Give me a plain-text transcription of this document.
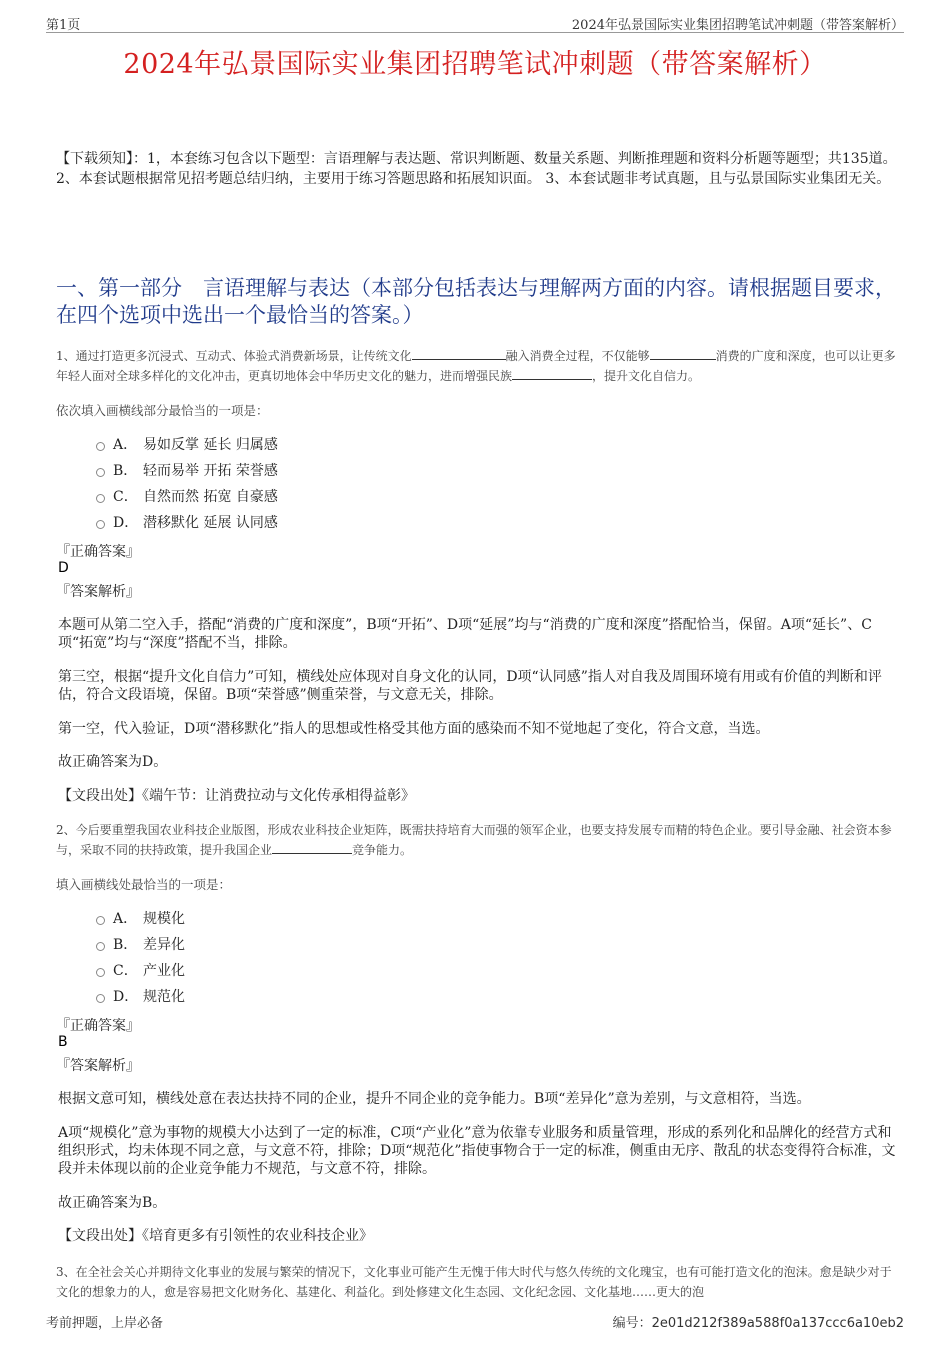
第1页	2024年弘景国际实业集团招聘笔试冲刺题（带答案解析）
2024年弘景国际实业集团招聘笔试冲刺题（带答案解析）
【下载须知】：1，本套练习包含以下题型：言语理解与表达题、常识判断题、数量关系题、判断推理题和资料分析题等题型；共135道。 2、本套试题根据常见招考题总结归纳，主要用于练习答题思路和拓展知识面。 3、本套试题非考试真题，且与弘景国际实业集团无关。
一、第一部分　言语理解与表达（本部分包括表达与理解两方面的内容。请根据题目要求，在四个选项中选出一个最恰当的答案。）
1、通过打造更多沉浸式、互动式、体验式消费新场景，让传统文化	融入消费全过程，不仅能够	消费的广度和深度，也可以让更多年轻人面对全球多样化的文化冲击，更真切地体会中华历史文化的魅力，进而增强民族	，提升文化自信力。
依次填入画横线部分最恰当的一项是：
A． 易如反掌 延长 归属感
B． 轻而易举 开拓 荣誉感
C． 自然而然 拓宽 自豪感
D． 潜移默化 延展 认同感
『正确答案』
D
『答案解析』
本题可从第二空入手，搭配“消费的广度和深度”，B项“开拓”、D项“延展”均与“消费的广度和深度”搭配恰当，保留。A项“延长”、C项“拓宽”均与“深度”搭配不当，排除。
第三空，根据“提升文化自信力”可知，横线处应体现对自身文化的认同，D项“认同感”指人对自我及周围环境有用或有价值的判断和评估，符合文段语境，保留。B项“荣誉感”侧重荣誉，与文意无关，排除。
第一空，代入验证，D项“潜移默化”指人的思想或性格受其他方面的感染而不知不觉地起了变化，符合文意，当选。
故正确答案为D。
【文段出处】《端午节：让消费拉动与文化传承相得益彰》
2、今后要重塑我国农业科技企业版图，形成农业科技企业矩阵，既需扶持培育大而强的领军企业，也要支持发展专而精的特色企业。要引导金融、社会资本参与，采取不同的扶持政策，提升我国企业	竞争能力。
填入画横线处最恰当的一项是：
A． 规模化
B． 差异化
C． 产业化
D． 规范化
『正确答案』
B
『答案解析』
根据文意可知，横线处意在表达扶持不同的企业，提升不同企业的竞争能力。B项“差异化”意为差别，与文意相符，当选。
A项“规模化”意为事物的规模大小达到了一定的标准，C项“产业化”意为依靠专业服务和质量管理，形成的系列化和品牌化的经营方式和组织形式，均未体现不同之意，与文意不符，排除；D项“规范化”指使事物合于一定的标准，侧重由无序、散乱的状态变得符合标准，文段并未体现以前的企业竞争能力不规范，与文意不符，排除。
故正确答案为B。
【文段出处】《培育更多有引领性的农业科技企业》
3、在全社会关心并期待文化事业的发展与繁荣的情况下，文化事业可能产生无愧于伟大时代与悠久传统的文化瑰宝，也有可能打造文化的泡沫。愈是缺少对于文化的想象力的人，愈是容易把文化财务化、基建化、利益化。到处修建文化生态园、文化纪念园、文化基地……更大的泡
考前押题，上岸必备	编号：2e01d212f389a588f0a137ccc6a10eb2
